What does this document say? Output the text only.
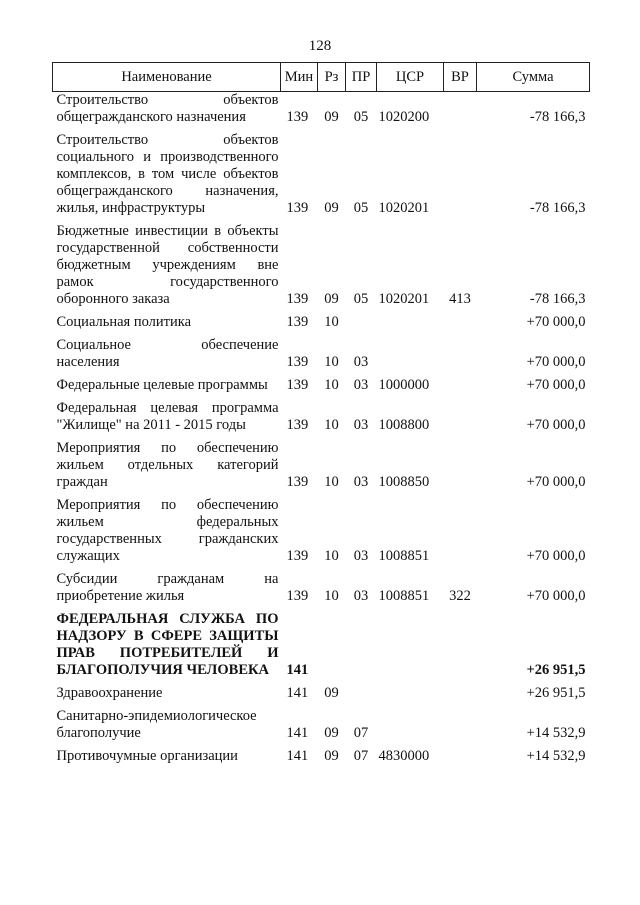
128
Наименование	Мин	Рз	ПР	ЦСР	ВР	Сумма
Строительство объектов общегражданского назначения	139	09	05	1020200		-78 166,3
Строительство объектов социального и производственного комплексов, в том числе объектов общегражданского назначения, жилья, инфраструктуры	139	09	05	1020201		-78 166,3
Бюджетные инвестиции в объекты государственной собственности бюджетным учреждениям вне рамок государственного оборонного заказа	139	09	05	1020201	413	-78 166,3
Социальная политика	139	10				+70 000,0
Социальное обеспечение населения	139	10	03			+70 000,0
Федеральные целевые программы	139	10	03	1000000		+70 000,0
Федеральная целевая программа "Жилище" на 2011 - 2015 годы	139	10	03	1008800		+70 000,0
Мероприятия по обеспечению жильем отдельных категорий граждан	139	10	03	1008850		+70 000,0
Мероприятия по обеспечению жильем федеральных государственных гражданских служащих	139	10	03	1008851		+70 000,0
Субсидии гражданам на приобретение жилья	139	10	03	1008851	322	+70 000,0
ФЕДЕРАЛЬНАЯ СЛУЖБА ПО НАДЗОРУ В СФЕРЕ ЗАЩИТЫ ПРАВ ПОТРЕБИТЕЛЕЙ И БЛАГОПОЛУЧИЯ ЧЕЛОВЕКА	141					+26 951,5
Здравоохранение	141	09				+26 951,5
Санитарно-эпидемиологическое благополучие	141	09	07			+14 532,9
Противочумные организации	141	09	07	4830000		+14 532,9
